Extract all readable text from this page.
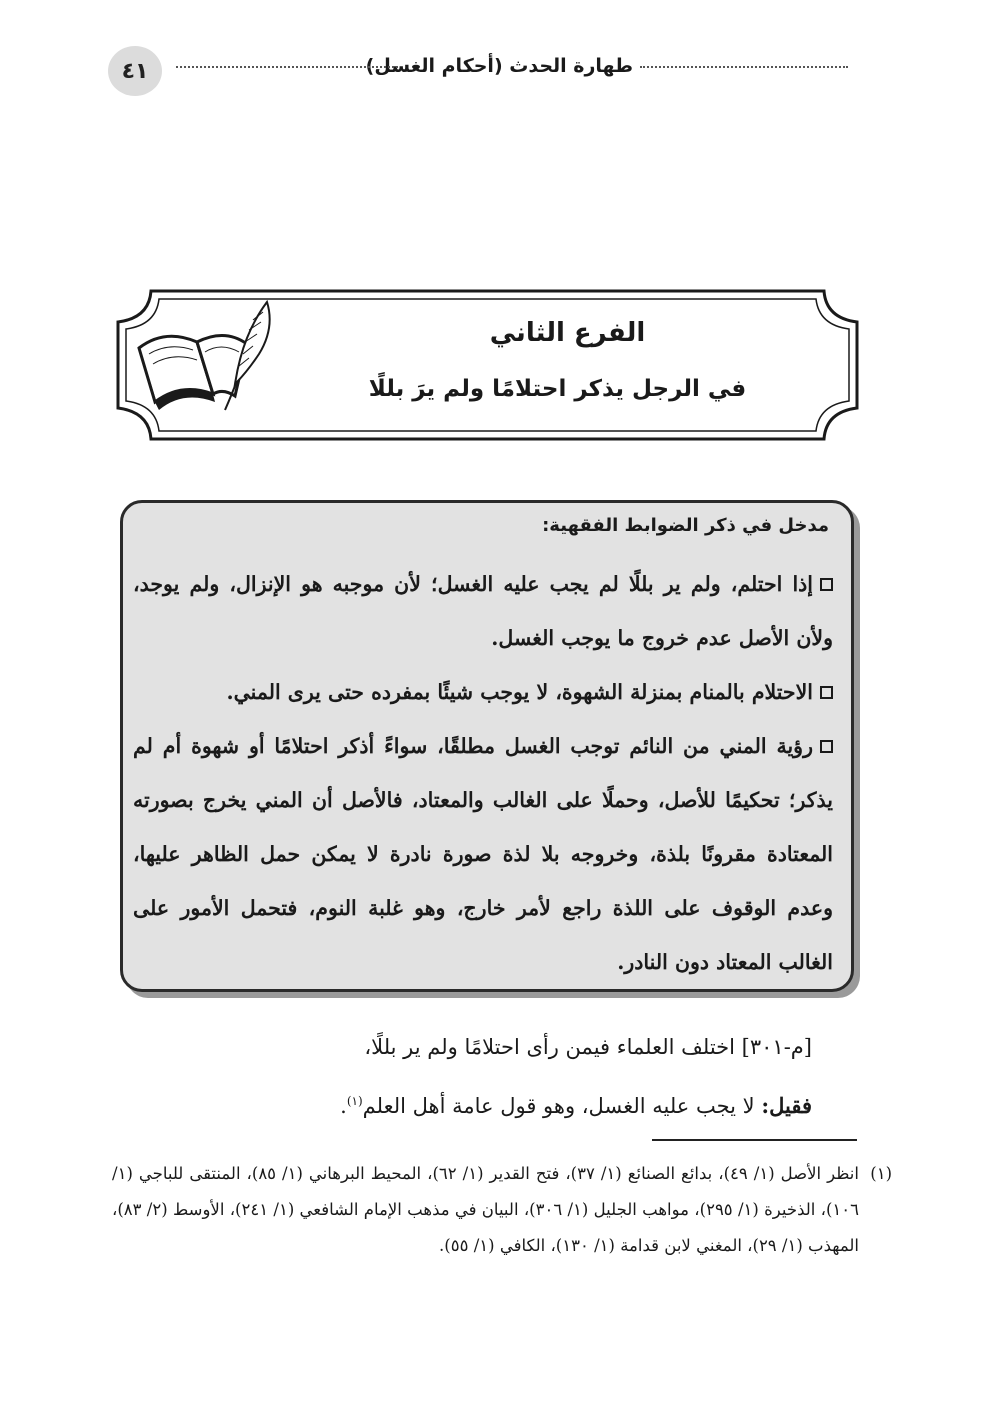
طهارة الحدث (أحكام الغسل)
٤١
الفرع الثاني
في الرجل يذكر احتلامًا ولم يرَ بللًا
مدخل في ذكر الضوابط الفقهية:

إذا احتلم، ولم ير بللًا لم يجب عليه الغسل؛ لأن موجبه هو الإنزال، ولم يوجد، ولأن الأصل عدم خروج ما يوجب الغسل.

الاحتلام بالمنام بمنزلة الشهوة، لا يوجب شيئًا بمفرده حتى يرى المني.

رؤية المني من النائم توجب الغسل مطلقًا، سواءً أذكر احتلامًا أو شهوة أم لم يذكر؛ تحكيمًا للأصل، وحملًا على الغالب والمعتاد، فالأصل أن المني يخرج بصورته المعتادة مقرونًا بلذة، وخروجه بلا لذة صورة نادرة لا يمكن حمل الظاهر عليها، وعدم الوقوف على اللذة راجع لأمر خارج، وهو غلبة النوم، فتحمل الأمور على الغالب المعتاد دون النادر.

[م-٣٠١] اختلف العلماء فيمن رأى احتلامًا ولم ير بللًا،

فقيل: لا يجب عليه الغسل، وهو قول عامة أهل العلم$^{(١)}$.

(١)
انظر الأصل (١/ ٤٩)، بدائع الصنائع (١/ ٣٧)، فتح القدير (١/ ٦٢)، المحيط البرهاني (١/ ٨٥)، المنتقى للباجي (١/ ١٠٦)، الذخيرة (١/ ٢٩٥)، مواهب الجليل (١/ ٣٠٦)، البيان في مذهب الإمام الشافعي (١/ ٢٤١)، الأوسط (٢/ ٨٣)، المهذب (١/ ٢٩)، المغني لابن قدامة (١/ ١٣٠)، الكافي (١/ ٥٥).
